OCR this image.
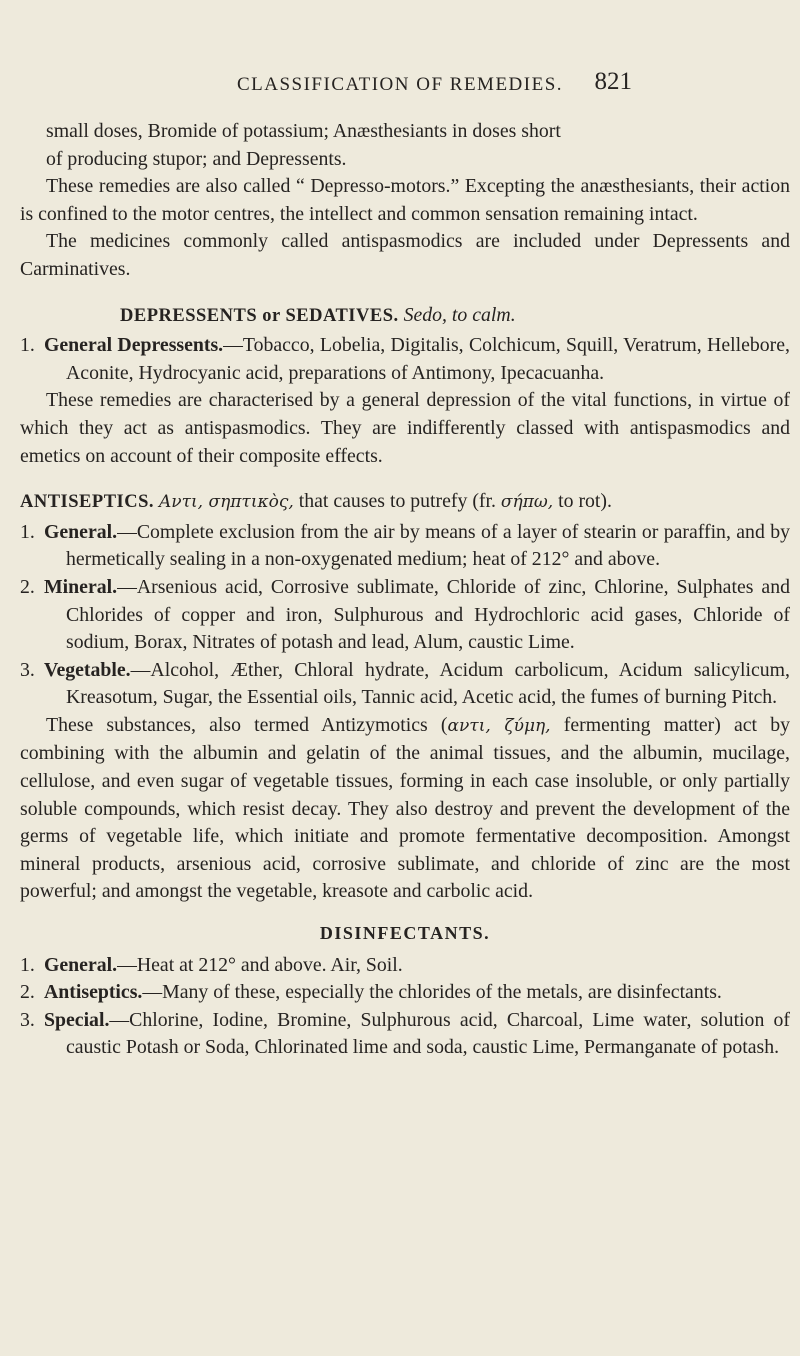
CLASSIFICATION OF REMEDIES.	821

small doses, Bromide of potassium; Anæsthesiants in doses short

of producing stupor; and Depressents.

These remedies are also called “ Depresso-motors.” Excepting the anæsthesiants, their action is confined to the motor centres, the intellect and common sensation remaining intact.

The medicines commonly called antispasmodics are included under Depressents and Carminatives.

DEPRESSENTS or SEDATIVES. Sedo, to calm.

1. General Depressents.—Tobacco, Lobelia, Digitalis, Colchicum, Squill, Veratrum, Hellebore, Aconite, Hydrocyanic acid, preparations of Antimony, Ipecacuanha.

These remedies are characterised by a general depression of the vital functions, in virtue of which they act as antispasmodics. They are indifferently classed with antispasmodics and emetics on account of their composite effects.

ANTISEPTICS. Αντι, σηπτικὸς, that causes to putrefy (fr. σήπω, to rot).

1. General.—Complete exclusion from the air by means of a layer of stearin or paraffin, and by hermetically sealing in a non-oxygenated medium; heat of 212° and above.

2. Mineral.—Arsenious acid, Corrosive sublimate, Chloride of zinc, Chlorine, Sulphates and Chlorides of copper and iron, Sulphurous and Hydrochloric acid gases, Chloride of sodium, Borax, Nitrates of potash and lead, Alum, caustic Lime.

3. Vegetable.—Alcohol, Æther, Chloral hydrate, Acidum carbolicum, Acidum salicylicum, Kreasotum, Sugar, the Essential oils, Tannic acid, Acetic acid, the fumes of burning Pitch.

These substances, also termed Antizymotics (αντι, ζύμη, fermenting matter) act by combining with the albumin and gelatin of the animal tissues, and the albumin, mucilage, cellulose, and even sugar of vegetable tissues, forming in each case insoluble, or only partially soluble compounds, which resist decay. They also destroy and prevent the development of the germs of vegetable life, which initiate and promote fermentative decomposition. Amongst mineral products, arsenious acid, corrosive sublimate, and chloride of zinc are the most powerful; and amongst the vegetable, kreasote and carbolic acid.

DISINFECTANTS.

1. General.—Heat at 212° and above. Air, Soil.

2. Antiseptics.—Many of these, especially the chlorides of the metals, are disinfectants.

3. Special.—Chlorine, Iodine, Bromine, Sulphurous acid, Charcoal, Lime water, solution of caustic Potash or Soda, Chlorinated lime and soda, caustic Lime, Permanganate of potash.
